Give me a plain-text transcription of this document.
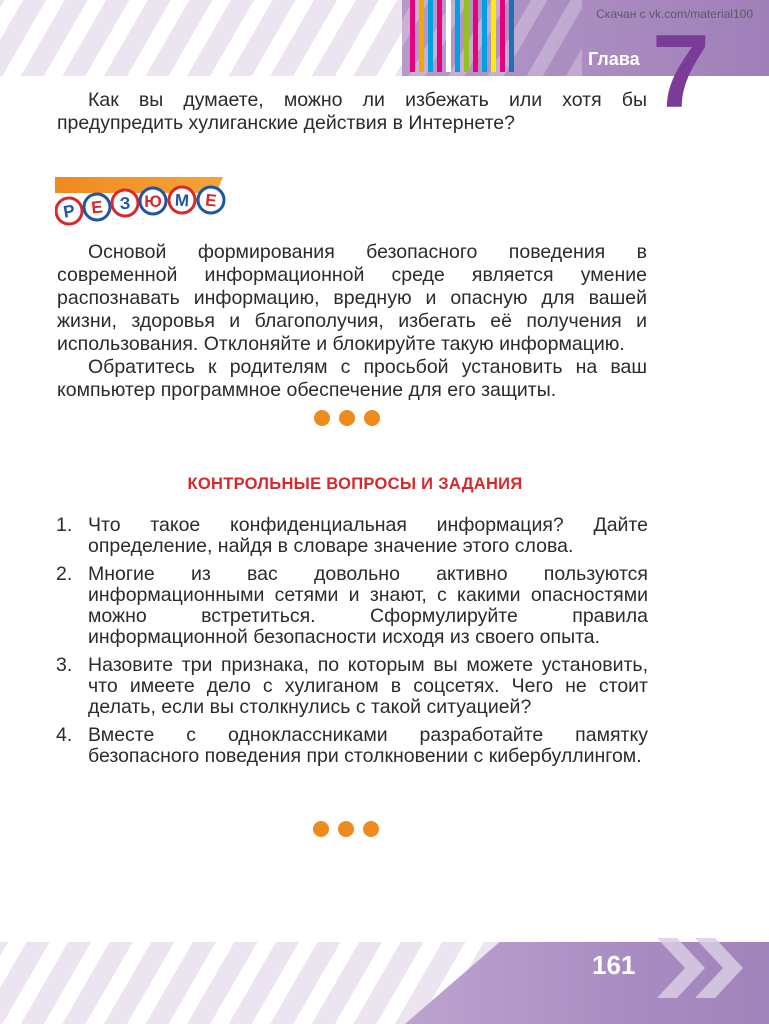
Скачан с vk.com/material100
Глава 7

Как вы думаете, можно ли избежать или хотя бы предупредить хулиганские действия в Интернете?

Р Е З Ю М Е

Основой формирования безопасного поведения в современной информационной среде является умение распознавать информацию, вредную и опасную для вашей жизни, здоровья и благополучия, избегать её получения и использования. Отклоняйте и блокируйте такую информацию.

Обратитесь к родителям с просьбой установить на ваш компьютер программное обеспечение для его защиты.

КОНТРОЛЬНЫЕ ВОПРОСЫ И ЗАДАНИЯ
1. Что такое конфиденциальная информация? Дайте определение, найдя в словаре значение этого слова.
2. Многие из вас довольно активно пользуются информационными сетями и знают, с какими опасностями можно встретиться. Сформулируйте правила информационной безопасности исходя из своего опыта.
3. Назовите три признака, по которым вы можете установить, что имеете дело с хулиганом в соцсетях. Чего не стоит делать, если вы столкнулись с такой ситуацией?
4. Вместе с одноклассниками разработайте памятку безопасного поведения при столкновении с кибербуллингом.
161
